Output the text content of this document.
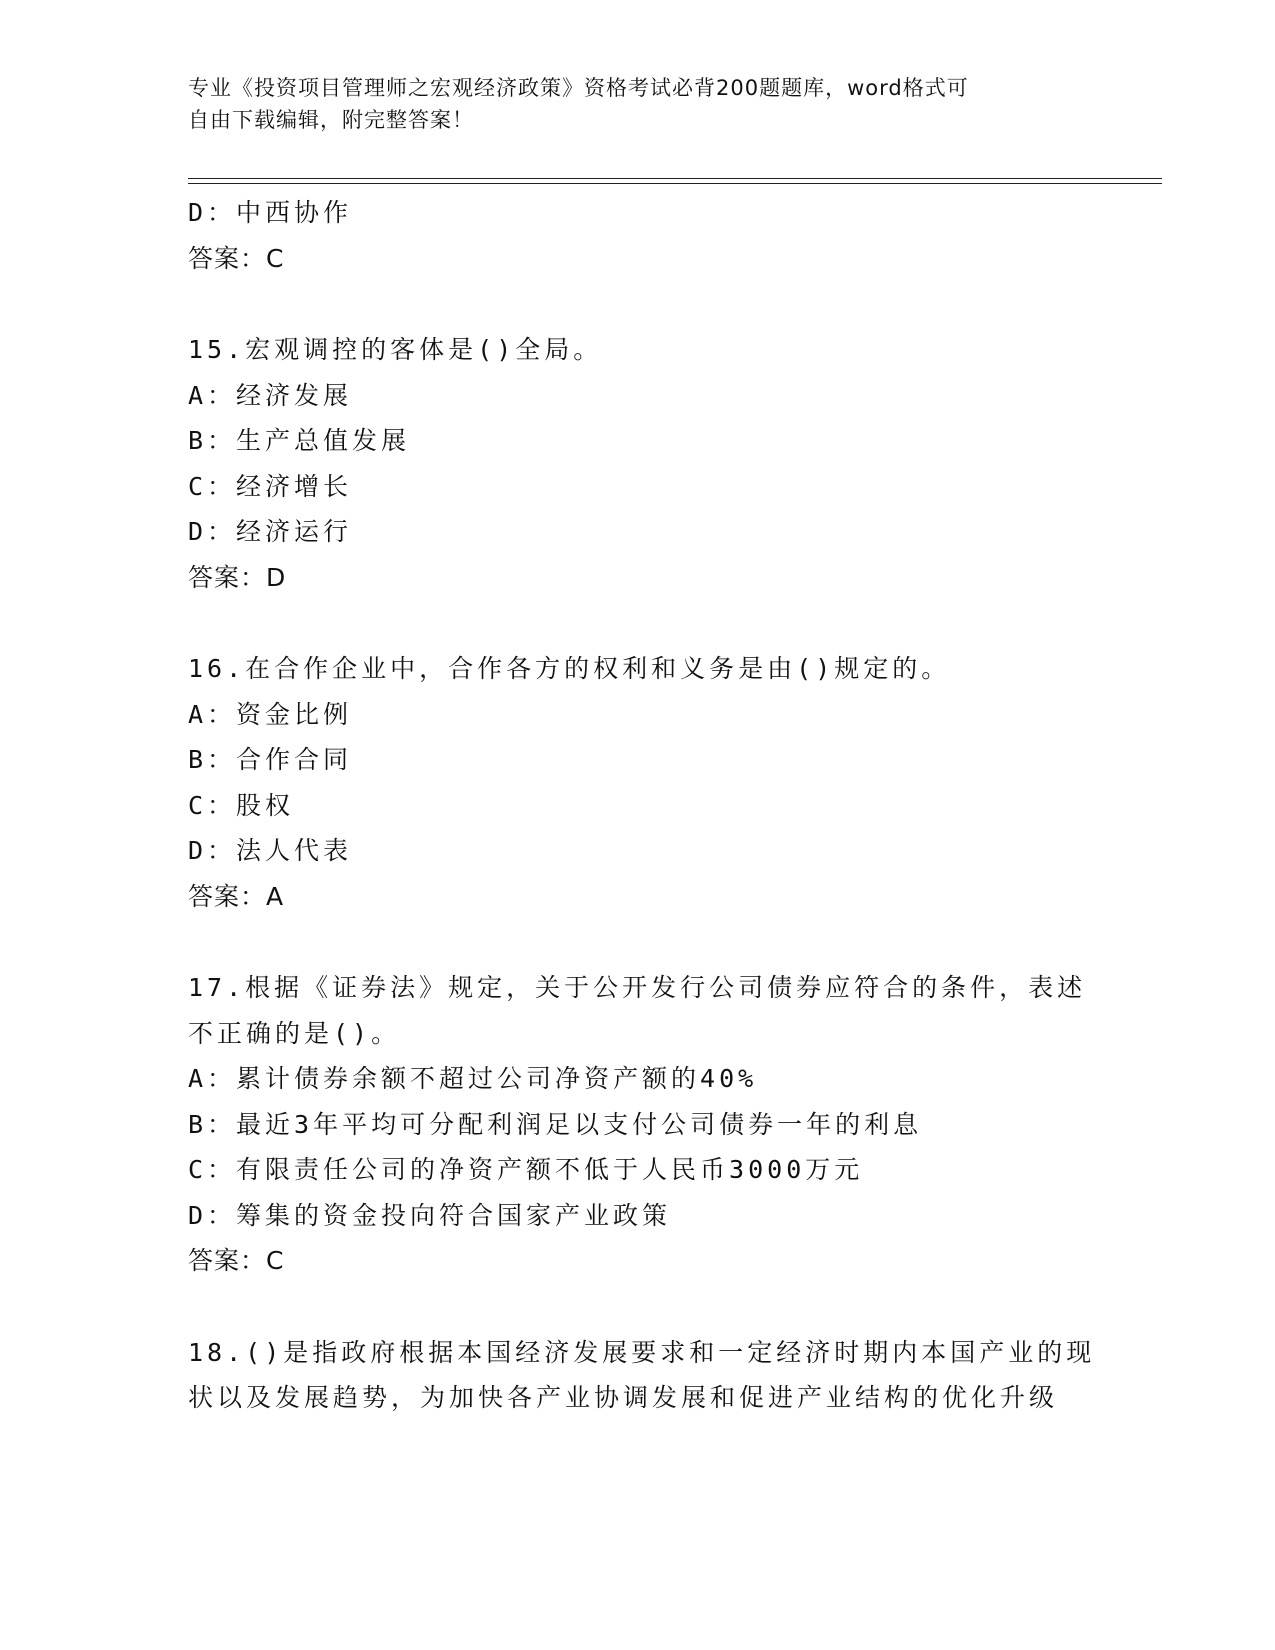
专业《投资项目管理师之宏观经济政策》资格考试必背200题题库，word格式可
自由下载编辑，附完整答案！
D：中西协作
答案：C
15.宏观调控的客体是()全局。
A：经济发展
B：生产总值发展
C：经济增长
D：经济运行
答案：D
16.在合作企业中，合作各方的权利和义务是由()规定的。
A：资金比例
B：合作合同
C：股权
D：法人代表
答案：A
17.根据《证券法》规定，关于公开发行公司债券应符合的条件，表述
不正确的是()。
A：累计债券余额不超过公司净资产额的40%
B：最近3年平均可分配利润足以支付公司债券一年的利息
C：有限责任公司的净资产额不低于人民币3000万元
D：筹集的资金投向符合国家产业政策
答案：C
18.()是指政府根据本国经济发展要求和一定经济时期内本国产业的现
状以及发展趋势，为加快各产业协调发展和促进产业结构的优化升级
